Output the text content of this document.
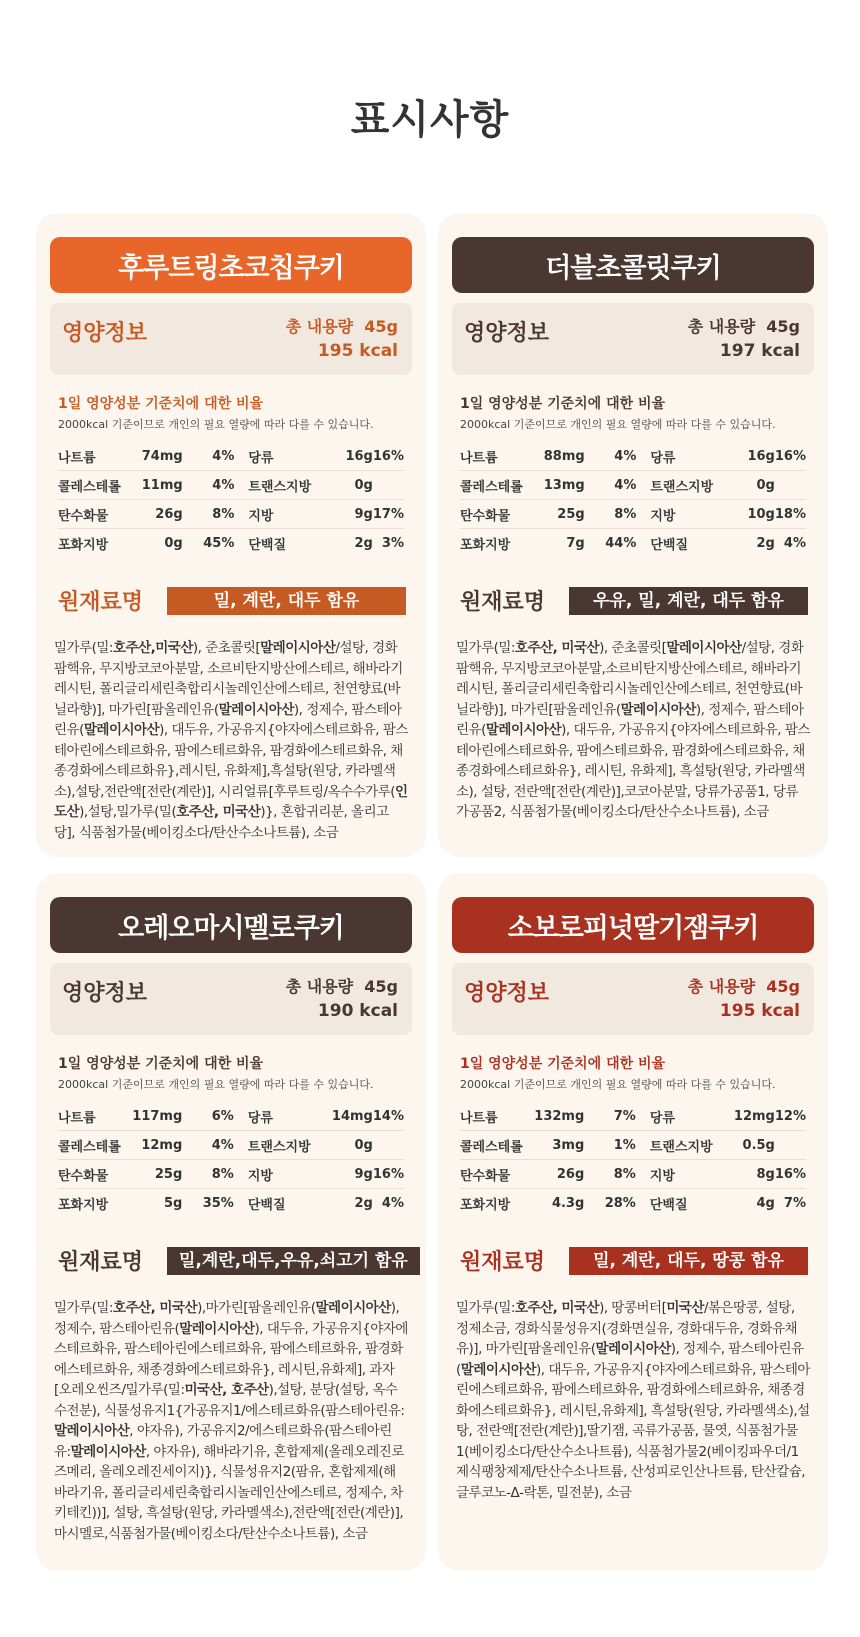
표시사항
후루트링초코칩쿠키
영양정보	총 내용량 45g
195 kcal
1일 영양성분 기준치에 대한 비율
2000kcal 기준이므로 개인의 필요 열량에 따라 다를 수 있습니다.
나트륨	74mg	4%	당류	16g	16%
콜레스테롤	11mg	4%	트랜스지방	0g	
탄수화물	26g	8%	지방	9g	17%
포화지방	0g	45%	단백질	2g	3%
원재료명	밀, 계란, 대두 함유
밀가루(밀:호주산,미국산), 준초콜릿[말레이시아산/설탕, 경화팜핵유, 무지방코코아분말, 소르비탄지방산에스테르, 해바라기레시틴, 폴리글리세린축합리시놀레인산에스테르, 천연향료(바닐라향)], 마가린[팜올레인유(말레이시아산), 정제수, 팜스테아린유(말레이시아산), 대두유, 가공유지{야자에스테르화유, 팜스테아린에스테르화유, 팜에스테르화유, 팜경화에스테르화유, 채종경화에스테르화유},레시틴, 유화제],흑설탕(원당, 카라멜색소),설탕,전란액[전란(계란)], 시리얼류[후루트링/옥수수가루(인도산),설탕,밀가루(밀(호주산, 미국산)}, 혼합귀리분, 올리고당], 식품첨가물(베이킹소다/탄산수소나트륨), 소금
더블초콜릿쿠키
영양정보	총 내용량 45g
197 kcal
1일 영양성분 기준치에 대한 비율
2000kcal 기준이므로 개인의 필요 열량에 따라 다를 수 있습니다.
나트륨	88mg	4%	당류	16g	16%
콜레스테롤	13mg	4%	트랜스지방	0g	
탄수화물	25g	8%	지방	10g	18%
포화지방	7g	44%	단백질	2g	4%
원재료명	우유, 밀, 계란, 대두 함유
밀가루(밀:호주산, 미국산), 준초콜릿[말레이시아산/설탕, 경화팜핵유, 무지방코코아분말,소르비탄지방산에스테르, 해바라기레시틴, 폴리글리세린축합리시놀레인산에스테르, 천연향료(바닐라향)], 마가린[팜올레인유(말레이시아산), 정제수, 팜스테아린유(말레이시아산), 대두유, 가공유지{야자에스테르화유, 팜스테아린에스테르화유, 팜에스테르화유, 팜경화에스테르화유, 채종경화에스테르화유}, 레시틴, 유화제], 흑설탕(원당, 카라멜색소), 설탕, 전란액[전란(계란)],코코아분말, 당류가공품1, 당류가공품2, 식품첨가물(베이킹소다/탄산수소나트륨), 소금
오레오마시멜로쿠키
영양정보	총 내용량 45g
190 kcal
1일 영양성분 기준치에 대한 비율
2000kcal 기준이므로 개인의 필요 열량에 따라 다를 수 있습니다.
나트륨	117mg	6%	당류	14mg	14%
콜레스테롤	12mg	4%	트랜스지방	0g	
탄수화물	25g	8%	지방	9g	16%
포화지방	5g	35%	단백질	2g	4%
원재료명	밀,계란,대두,우유,쇠고기 함유
밀가루(밀:호주산, 미국산),마가린[팜올레인유(말레이시아산), 정제수, 팜스테아린유(말레이시아산), 대두유, 가공유지{야자에스테르화유, 팜스테아린에스테르화유, 팜에스테르화유, 팜경화에스테르화유, 채종경화에스테르화유}, 레시틴,유화제], 과자[오레오씬즈/밀가루(밀:미국산, 호주산),설탕, 분당(설탕, 옥수수전분), 식물성유지1{가공유지1/에스테르화유(팜스테아린유:말레이시아산, 야자유), 가공유지2/에스테르화유(팜스테아린유:말레이시아산, 야자유), 해바라기유, 혼합제제(올레오레진로즈메리, 올레오레진세이지)}, 식물성유지2(팜유, 혼합제제(해바라기유, 폴리글리세린축합리시놀레인산에스테르, 정제수, 차키테킨))], 설탕, 흑설탕(원당, 카라멜색소),전란액[전란(계란)], 마시멜로,식품첨가물(베이킹소다/탄산수소나트륨), 소금
소보로피넛딸기잼쿠키
영양정보	총 내용량 45g
195 kcal
1일 영양성분 기준치에 대한 비율
2000kcal 기준이므로 개인의 필요 열량에 따라 다를 수 있습니다.
나트륨	132mg	7%	당류	12mg	12%
콜레스테롤	3mg	1%	트랜스지방	0.5g	
탄수화물	26g	8%	지방	8g	16%
포화지방	4.3g	28%	단백질	4g	7%
원재료명	밀, 계란, 대두, 땅콩 함유
밀가루(밀:호주산, 미국산), 땅콩버터[미국산/볶은땅콩, 설탕, 정제소금, 경화식물성유지(경화면실유, 경화대두유, 경화유채유)], 마가린[팜올레인유(말레이시아산), 정제수, 팜스테아린유(말레이시아산), 대두유, 가공유지{야자에스테르화유, 팜스테아린에스테르화유, 팜에스테르화유, 팜경화에스테르화유, 채종경화에스테르화유}, 레시틴,유화제], 흑설탕(원당, 카라멜색소),설탕, 전란액[전란(계란)],딸기잼, 곡류가공품, 물엿, 식품첨가물1(베이킹소다/탄산수소나트륨), 식품첨가물2(베이킹파우더/1제식팽창제제/탄산수소나트륨, 산성피로인산나트륨, 탄산칼슘, 글루코노-Δ-락톤, 밀전분), 소금
